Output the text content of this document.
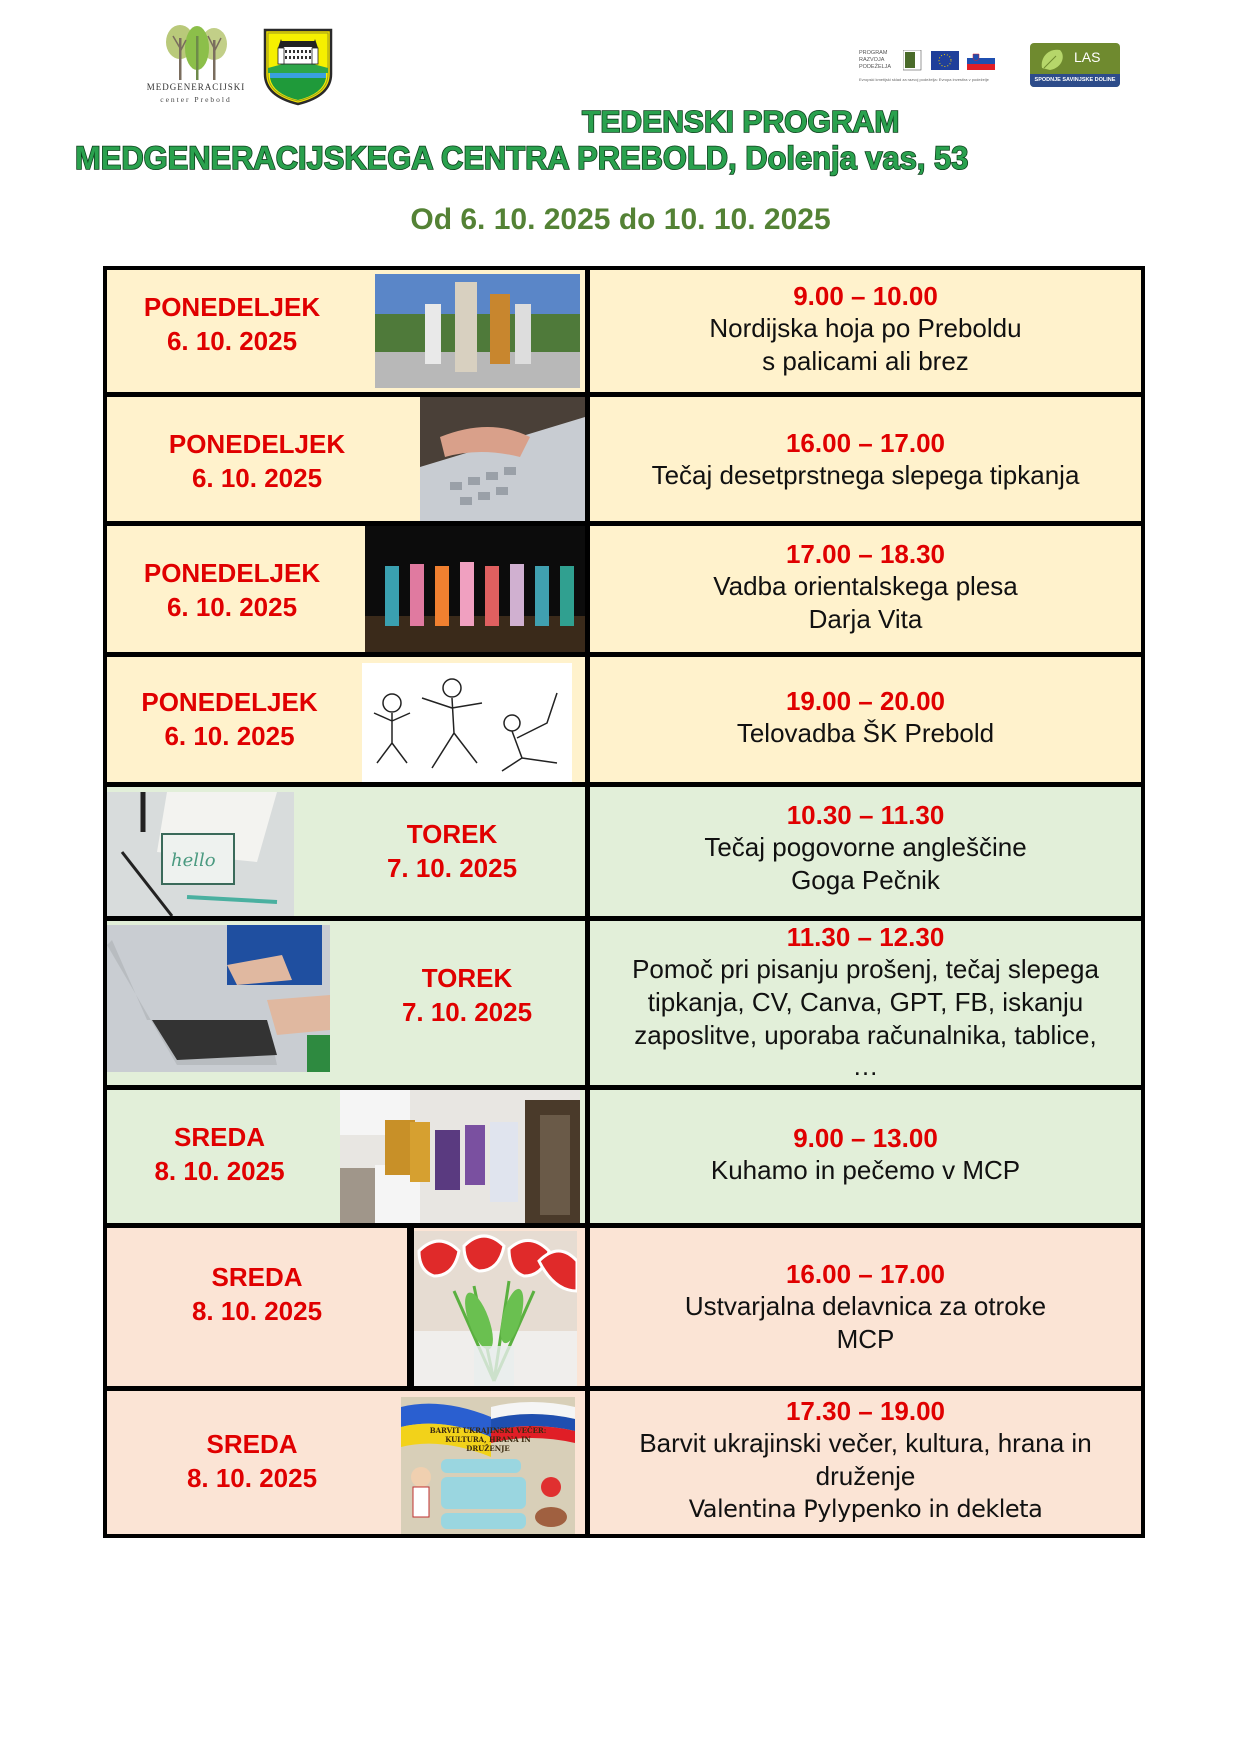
MEDGENERACIJSKI
center Prebold
PROGRAM
RAZVOJA
PODEŽELJA
Evropski kmetijski sklad za razvoj podeželja: Evropa investira v podeželje
LAS
SPODNJE SAVINJSKE DOLINE
TEDENSKI PROGRAM
MEDGENERACIJSKEGA CENTRA PREBOLD, Dolenja vas, 53
Od 6. 10. 2025 do 10. 10. 2025
PONEDELJEK
6. 10. 2025
9.00 – 10.00
Nordijska hoja po Preboldu
s palicami ali brez
PONEDELJEK
6. 10. 2025
16.00 – 17.00
Tečaj desetprstnega slepega tipkanja
PONEDELJEK
6. 10. 2025
17.00 – 18.30
Vadba orientalskega plesa
Darja Vita
PONEDELJEK
6. 10. 2025
19.00 – 20.00
Telovadba ŠK Prebold
hello
TOREK
7. 10. 2025
10.30 – 11.30
Tečaj pogovorne angleščine
Goga Pečnik
TOREK
7. 10. 2025
11.30 – 12.30
Pomoč pri pisanju prošenj, tečaj slepega
tipkanja, CV, Canva, GPT, FB, iskanju
zaposlitve, uporaba računalnika, tablice,
…
SREDA
8. 10. 2025
9.00 – 13.00
Kuhamo in pečemo v MCP
SREDA
8. 10. 2025
16.00 – 17.00
Ustvarjalna delavnica za otroke
MCP
SREDA
8. 10. 2025
BARVIT UKRAJINSKI VEČER:
KULTURA, HRANA IN
DRUŽENJE
17.30 – 19.00
Barvit ukrajinski večer, kultura, hrana in
druženje
Valentina Pylypenko in dekleta
